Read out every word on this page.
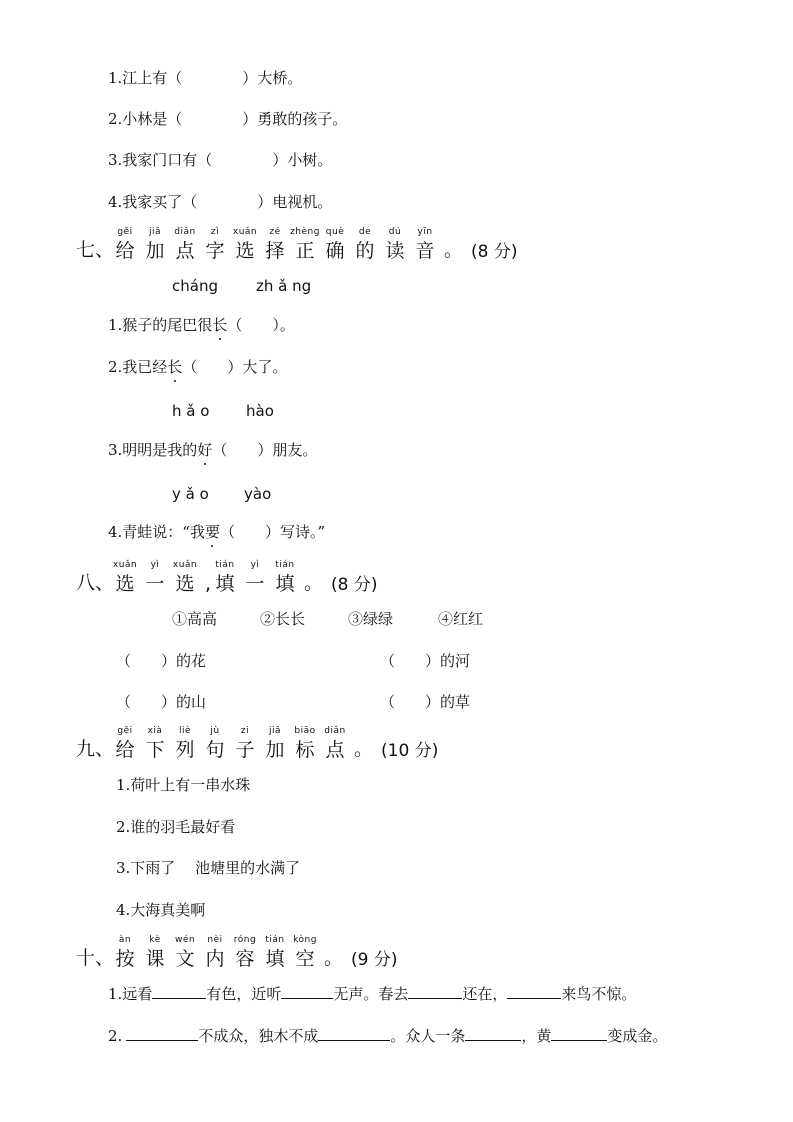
1.江上有（　　　　）大桥。
2.小林是（　　　　）勇敢的孩子。
3.我家门口有（　　　　）小树。
4.我家买了（　　　　）电视机。
七、
gěi
给
jiā
加
diǎn
点
zì
字
xuǎn
选
zé
择
zhèng
正
què
确
de
的
dú
读
yīn
音 。 (8 分)
cháng	zh ǎ ng
1.猴子的尾巴很长（　　）。
2.我已经长（　　）大了。
h ǎ o hào
3.明明是我的好（　　）朋友。
y ǎ o yào
4.青蛙说：“我要（　　）写诗。”
八、
xuǎn
选
yì
一
xuǎn
选 ,
tián
填
yì
一
tián
填 。 (8 分)
①高高	②长长	③绿绿	④红红
（　　）的花	（　　）的河
（　　）的山	（　　）的草
九、
gěi
给
xià
下
liè
列
jù
句
zi
子
jiā
加
biāo
标
diǎn
点 。 (10 分)
1.荷叶上有一串水珠
2.谁的羽毛最好看
3.下雨了　 池塘里的水满了
4.大海真美啊
十、
àn
按
kè
课
wén
文
nèi
内
róng
容
tián
填
kòng
空 。 (9 分)
1.远看	有色，近听	无声。春去	还在，	来鸟不惊。
2.	不成众，独木不成	。众人一条	，黄	变成金。
